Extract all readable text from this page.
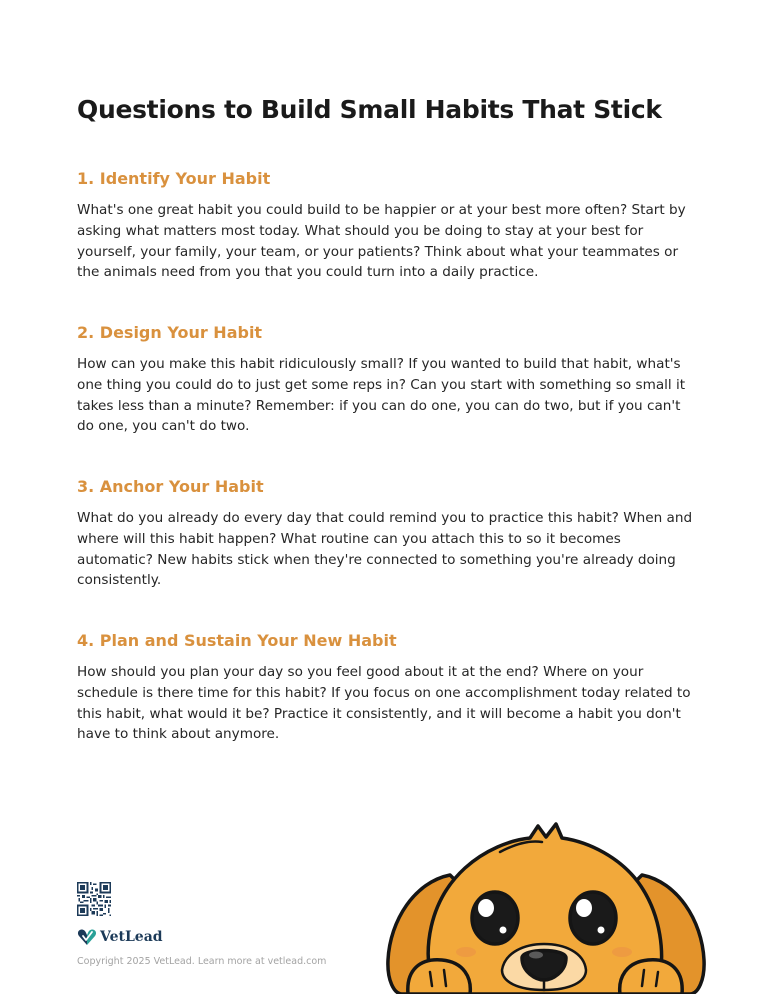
Questions to Build Small Habits That Stick
1. Identify Your Habit

What's one great habit you could build to be happier or at your best more often? Start by asking what matters most today. What should you be doing to stay at your best for yourself, your family, your team, or your patients? Think about what your teammates or the animals need from you that you could turn into a daily practice.

2. Design Your Habit

How can you make this habit ridiculously small? If you wanted to build that habit, what's one thing you could do to just get some reps in? Can you start with something so small it takes less than a minute? Remember: if you can do one, you can do two, but if you can't do one, you can't do two.

3. Anchor Your Habit

What do you already do every day that could remind you to practice this habit? When and where will this habit happen? What routine can you attach this to so it becomes automatic? New habits stick when they're connected to something you're already doing consistently.

4. Plan and Sustain Your New Habit

How should you plan your day so you feel good about it at the end? Where on your schedule is there time for this habit? If you focus on one accomplishment today related to this habit, what would it be? Practice it consistently, and it will become a habit you don't have to think about anymore.

VetLead
Copyright 2025 VetLead. Learn more at vetlead.com
